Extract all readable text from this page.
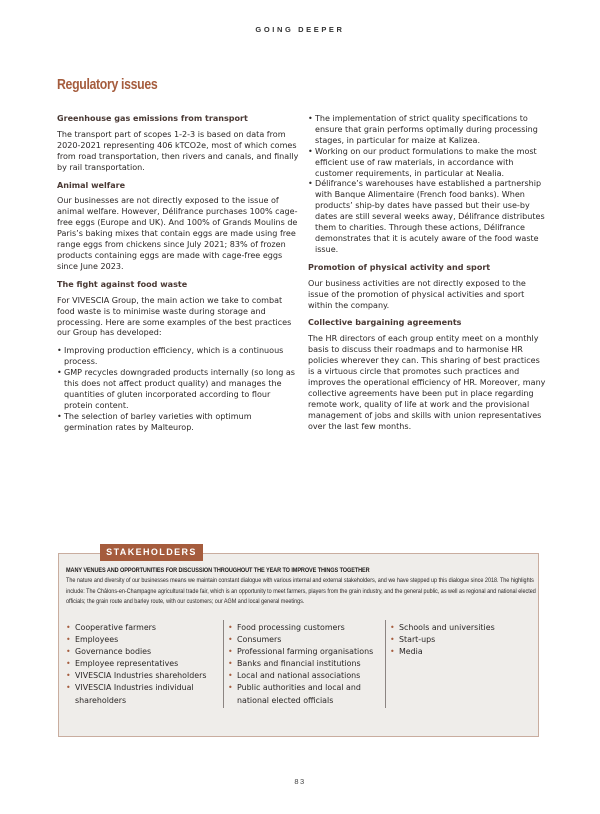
GOING DEEPER
Regulatory issues
Greenhouse gas emissions from transport

The transport part of scopes 1-2-3 is based on data from 2020-2021 representing 406 kTCO2e, most of which comes from road transportation, then rivers and canals, and finally by rail transportation.

Animal welfare

Our businesses are not directly exposed to the issue of animal welfare. However, Délifrance purchases 100% cage-free eggs (Europe and UK). And 100% of Grands Moulins de Paris’s baking mixes that contain eggs are made using free range eggs from chickens since July 2021; 83% of frozen products containing eggs are made with cage-free eggs since June 2023.

The fight against food waste

For VIVESCIA Group, the main action we take to combat food waste is to minimise waste during storage and processing. Here are some examples of the best practices our Group has developed:

• Improving production efficiency, which is a continuous process.
• GMP recycles downgraded products internally (so long as this does not affect product quality) and manages the quantities of gluten incorporated according to flour protein content.
• The selection of barley varieties with optimum germination rates by Malteurop.
• The implementation of strict quality specifications to ensure that grain performs optimally during processing stages, in particular for maize at Kalizea.
• Working on our product formulations to make the most efficient use of raw materials, in accordance with customer requirements, in particular at Nealia.
• Délifrance’s warehouses have established a partnership with Banque Alimentaire (French food banks). When products’ ship-by dates have passed but their use-by dates are still several weeks away, Délifrance distributes them to charities. Through these actions, Délifrance demonstrates that it is acutely aware of the food waste issue.
Promotion of physical activity and sport

Our business activities are not directly exposed to the issue of the promotion of physical activities and sport within the company.

Collective bargaining agreements

The HR directors of each group entity meet on a monthly basis to discuss their roadmaps and to harmonise HR policies wherever they can. This sharing of best practices is a virtuous circle that promotes such practices and improves the operational efficiency of HR. Moreover, many collective agreements have been put in place regarding remote work, quality of life at work and the provisional management of jobs and skills with union representatives over the last few months.

STAKEHOLDERS
MANY VENUES AND OPPORTUNITIES FOR DISCUSSION THROUGHOUT THE YEAR TO IMPROVE THINGS TOGETHER
The nature and diversity of our businesses means we maintain constant dialogue with various internal and external stakeholders, and we have stepped up this dialogue since 2018. The highlights include: The Châlons-en-Champagne agricultural trade fair, which is an opportunity to meet farmers, players from the grain industry, and the general public, as well as regional and national elected officials; the grain route and barley route, with our customers; our AGM and local general meetings.
• Cooperative farmers
• Employees
• Governance bodies
• Employee representatives
• VIVESCIA Industries shareholders
• VIVESCIA Industries individual shareholders
• Food processing customers
• Consumers
• Professional farming organisations
• Banks and financial institutions
• Local and national associations
• Public authorities and local and national elected officials
• Schools and universities
• Start-ups
• Media
83
